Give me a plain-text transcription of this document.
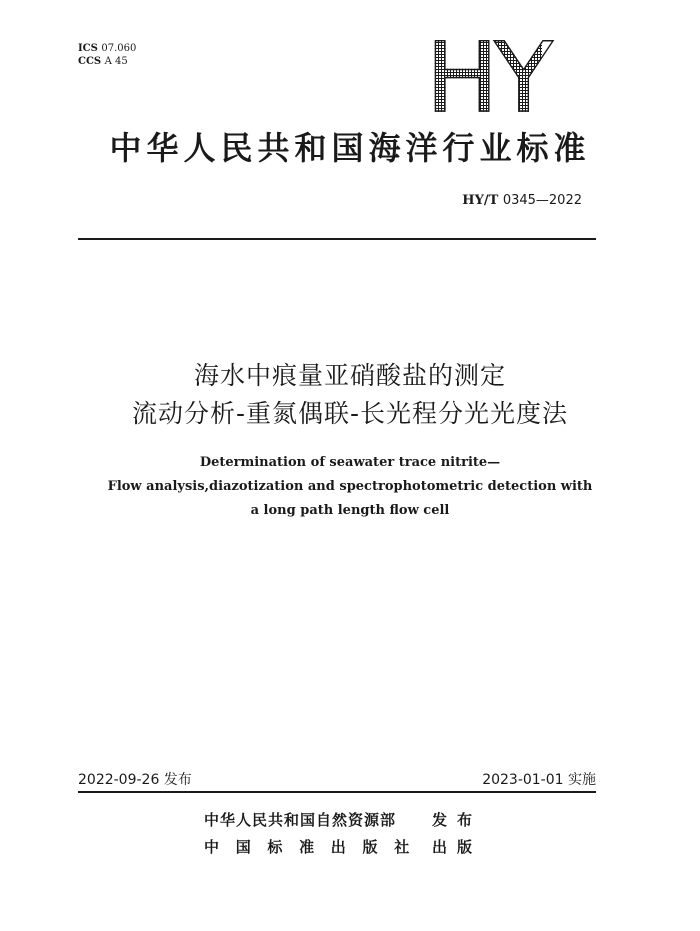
ICS 07.060
CCS A 45	HY
中华人民共和国海洋行业标准
HY/T 0345—2022
海水中痕量亚硝酸盐的测定
流动分析-重氮偶联-长光程分光光度法
Determination of seawater trace nitrite—
Flow analysis,diazotization and spectrophotometric detection with
a long path length flow cell
2022-09-26 发布	2023-01-01 实施
中华人民共和国自然资源部 发布
中国标准出版社 出版
